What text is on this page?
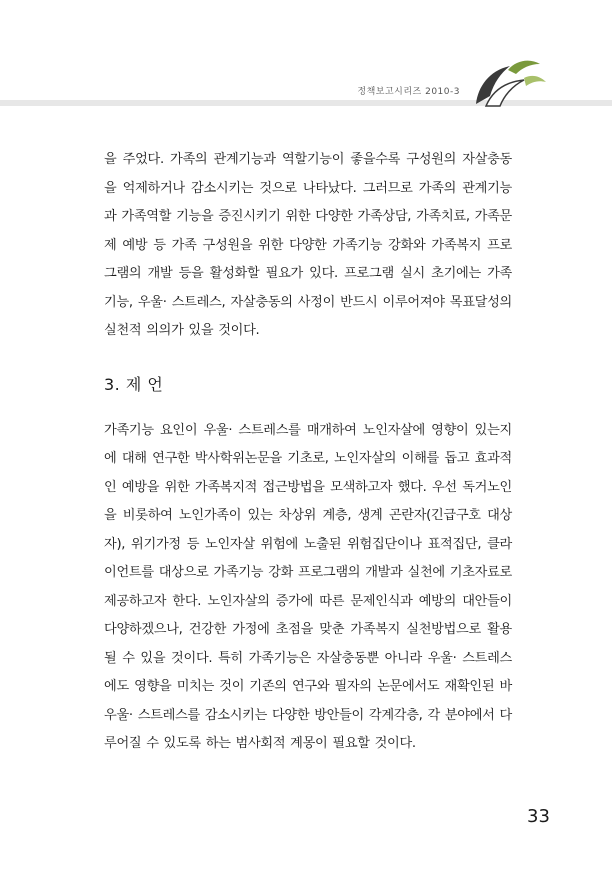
정책보고시리즈 2010-3

을 주었다. 가족의 관계기능과 역할기능이 좋을수록 구성원의 자살충동을 억제하거나 감소시키는 것으로 나타났다. 그러므로 가족의 관계기능과 가족역할 기능을 증진시키기 위한 다양한 가족상담, 가족치료, 가족문제 예방 등 가족 구성원을 위한 다양한 가족기능 강화와 가족복지 프로그램의 개발 등을 활성화할 필요가 있다. 프로그램 실시 초기에는 가족기능, 우울· 스트레스, 자살충동의 사정이 반드시 이루어져야 목표달성의 실천적 의의가 있을 것이다.

3. 제 언

가족기능 요인이 우울· 스트레스를 매개하여 노인자살에 영향이 있는지에 대해 연구한 박사학위논문을 기초로, 노인자살의 이해를 돕고 효과적인 예방을 위한 가족복지적 접근방법을 모색하고자 했다. 우선 독거노인을 비롯하여 노인가족이 있는 차상위 계층, 생계 곤란자(긴급구호 대상자), 위기가정 등 노인자살 위험에 노출된 위험집단이나 표적집단, 클라이언트를 대상으로 가족기능 강화 프로그램의 개발과 실천에 기초자료로 제공하고자 한다. 노인자살의 증가에 따른 문제인식과 예방의 대안들이 다양하겠으나, 건강한 가정에 초점을 맞춘 가족복지 실천방법으로 활용될 수 있을 것이다. 특히 가족기능은 자살충동뿐 아니라 우울· 스트레스에도 영향을 미치는 것이 기존의 연구와 필자의 논문에서도 재확인된 바 우울· 스트레스를 감소시키는 다양한 방안들이 각계각층, 각 분야에서 다루어질 수 있도록 하는 범사회적 계몽이 필요할 것이다.

33
